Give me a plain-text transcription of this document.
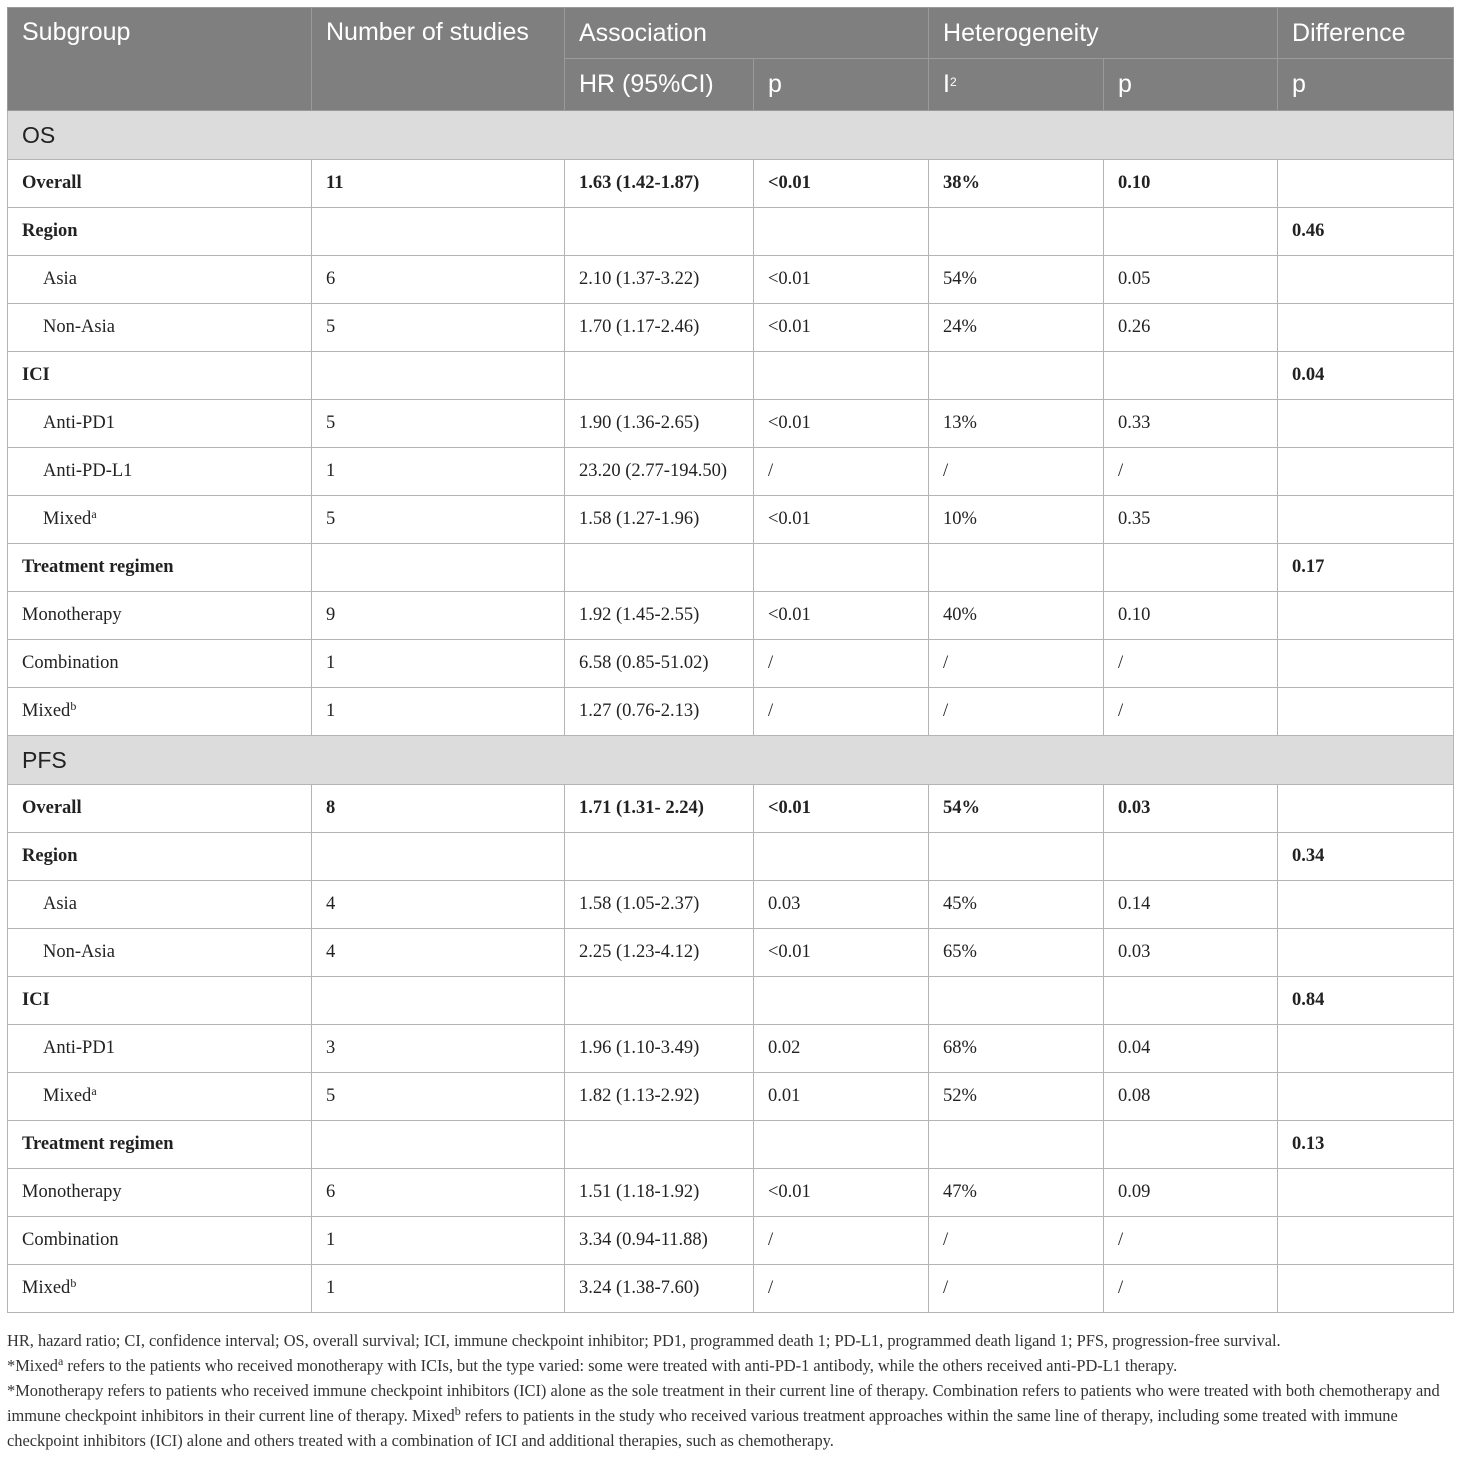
Subgroup	Number of studies	Association		Heterogeneity		Difference
		HR (95%CI)	p	$I^2$	p	p
OS						
Overall	11	1.63 (1.42-1.87)	<0.01	38%	0.10	
Region						0.46
Asia	6	2.10 (1.37-3.22)	<0.01	54%	0.05	
Non-Asia	5	1.70 (1.17-2.46)	<0.01	24%	0.26	
ICI						0.04
Anti-PD1	5	1.90 (1.36-2.65)	<0.01	13%	0.33	
Anti-PD-L1	1	23.20 (2.77-194.50)	/	/	/	
Mixed$^a$	5	1.58 (1.27-1.96)	<0.01	10%	0.35	
Treatment regimen						0.17
Monotherapy	9	1.92 (1.45-2.55)	<0.01	40%	0.10	
Combination	1	6.58 (0.85-51.02)	/	/	/	
Mixed$^b$	1	1.27 (0.76-2.13)	/	/	/	
PFS						
Overall	8	1.71 (1.31- 2.24)	<0.01	54%	0.03	
Region						0.34
Asia	4	1.58 (1.05-2.37)	0.03	45%	0.14	
Non-Asia	4	2.25 (1.23-4.12)	<0.01	65%	0.03	
ICI						0.84
Anti-PD1	3	1.96 (1.10-3.49)	0.02	68%	0.04	
Mixed$^a$	5	1.82 (1.13-2.92)	0.01	52%	0.08	
Treatment regimen						0.13
Monotherapy	6	1.51 (1.18-1.92)	<0.01	47%	0.09	
Combination	1	3.34 (0.94-11.88)	/	/	/	
Mixed$^b$	1	3.24 (1.38-7.60)	/	/	/	

HR, hazard ratio; CI, confidence interval; OS, overall survival; ICI, immune checkpoint inhibitor; PD1, programmed death 1; PD-L1, programmed death ligand 1; PFS, progression-free survival.

*Mixed$^a$ refers to the patients who received monotherapy with ICIs, but the type varied: some were treated with anti-PD-1 antibody, while the others received anti-PD-L1 therapy.

*Monotherapy refers to patients who received immune checkpoint inhibitors (ICI) alone as the sole treatment in their current line of therapy. Combination refers to patients who were treated with both chemotherapy and immune checkpoint inhibitors in their current line of therapy. Mixed$^b$ refers to patients in the study who received various treatment approaches within the same line of therapy, including some treated with immune checkpoint inhibitors (ICI) alone and others treated with a combination of ICI and additional therapies, such as chemotherapy.
